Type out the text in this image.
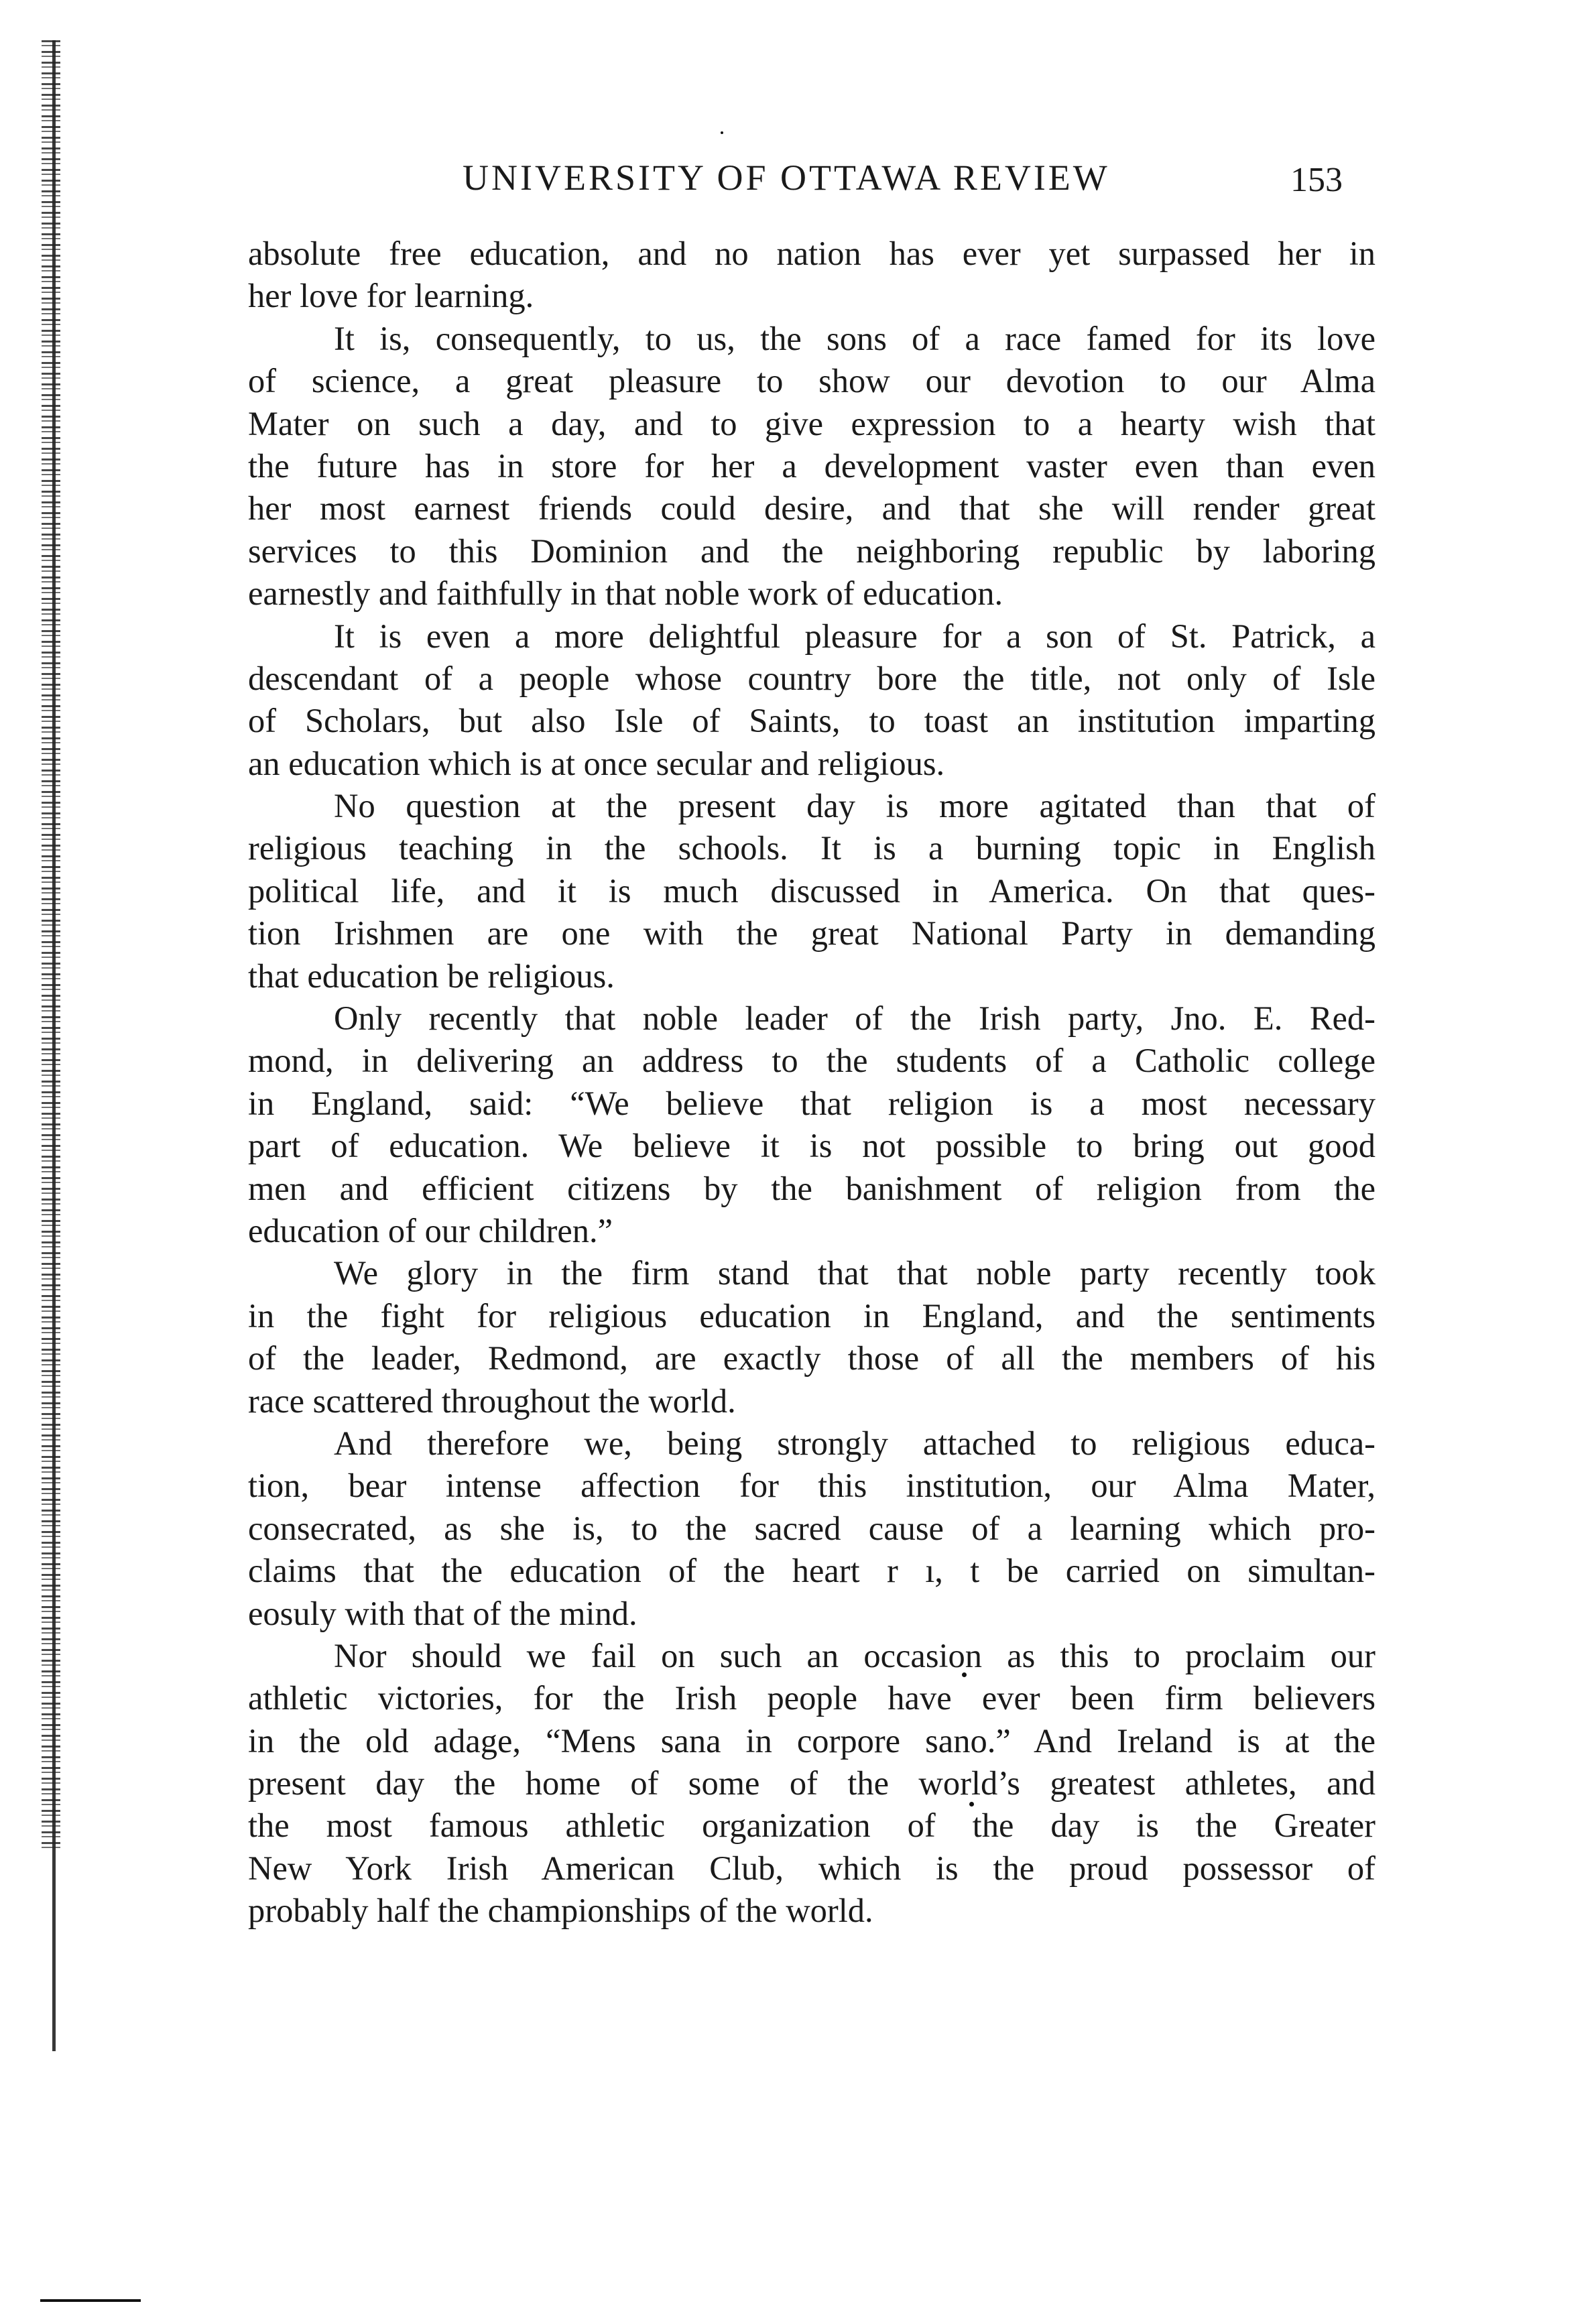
UNIVERSITY OF OTTAWA REVIEW	153
absolute free education, and no nation has ever yet surpassed her in
her love for learning.
It is, consequently, to us, the sons of a race famed for its love
of science, a great pleasure to show our devotion to our Alma
Mater on such a day, and to give expression to a hearty wish that
the future has in store for her a development vaster even than even
her most earnest friends could desire, and that she will render great
services to this Dominion and the neighboring republic by laboring
earnestly and faithfully in that noble work of education.
It is even a more delightful pleasure for a son of St. Patrick, a
descendant of a people whose country bore the title, not only of Isle
of Scholars, but also Isle of Saints, to toast an institution imparting
an education which is at once secular and religious.
No question at the present day is more agitated than that of
religious teaching in the schools. It is a burning topic in English
political life, and it is much discussed in America. On that ques-
tion Irishmen are one with the great National Party in demanding
that education be religious.
Only recently that noble leader of the Irish party, Jno. E. Red-
mond, in delivering an address to the students of a Catholic college
in England, said: “We believe that religion is a most necessary
part of education. We believe it is not possible to bring out good
men and efficient citizens by the banishment of religion from the
education of our children.”
We glory in the firm stand that that noble party recently took
in the fight for religious education in England, and the sentiments
of the leader, Redmond, are exactly those of all the members of his
race scattered throughout the world.
And therefore we, being strongly attached to religious educa-
tion, bear intense affection for this institution, our Alma Mater,
consecrated, as she is, to the sacred cause of a learning which pro-
claims that the education of the heart r ı, t be carried on simultan-
eosuly with that of the mind.
Nor should we fail on such an occasion as this to proclaim our
athletic victories, for the Irish people have ever been firm believers
in the old adage, “Mens sana in corpore sano.” And Ireland is at the
present day the home of some of the world’s greatest athletes, and
the most famous athletic organization of the day is the Greater
New York Irish American Club, which is the proud possessor of
probably half the championships of the world.
